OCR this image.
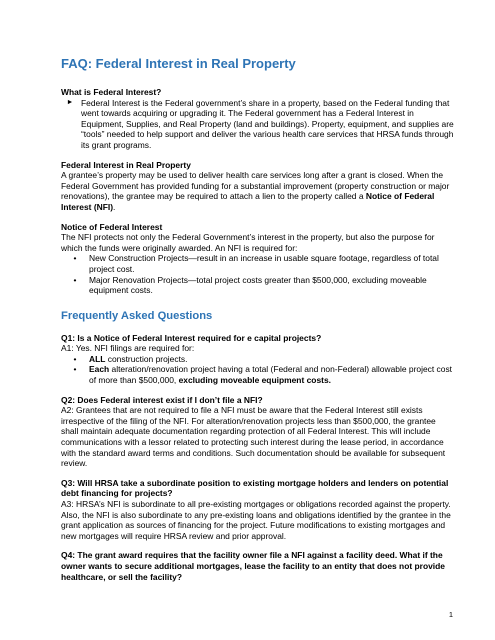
FAQ: Federal Interest in Real Property

What is Federal Interest?

► Federal Interest is the Federal government’s share in a property, based on the Federal funding that went towards acquiring or upgrading it. The Federal government has a Federal Interest in Equipment, Supplies, and Real Property (land and buildings). Property, equipment, and supplies are “tools” needed to help support and deliver the various health care services that HRSA funds through its grant programs.

Federal Interest in Real Property

A grantee’s property may be used to deliver health care services long after a grant is closed. When the Federal Government has provided funding for a substantial improvement (property construction or major renovations), the grantee may be required to attach a lien to the property called a Notice of Federal Interest (NFI).

Notice of Federal Interest

The NFI protects not only the Federal Government’s interest in the property, but also the purpose for which the funds were originally awarded. An NFI is required for:

•	New Construction Projects—result in an increase in usable square footage, regardless of total project cost.
•	Major Renovation Projects—total project costs greater than $500,000, excluding moveable equipment costs.
Frequently Asked Questions

Q1: Is a Notice of Federal Interest required for e capital projects?

A1: Yes. NFI filings are required for:

•	ALL construction projects.
•	Each alteration/renovation project having a total (Federal and non-Federal) allowable project cost of more than $500,000, excluding moveable equipment costs.

Q2: Does Federal interest exist if I don’t file a NFI?

A2: Grantees that are not required to file a NFI must be aware that the Federal Interest still exists irrespective of the filing of the NFI. For alteration/renovation projects less than $500,000, the grantee shall maintain adequate documentation regarding protection of all Federal Interest. This will include communications with a lessor related to protecting such interest during the lease period, in accordance with the standard award terms and conditions. Such documentation should be available for subsequent review.

Q3: Will HRSA take a subordinate position to existing mortgage holders and lenders on potential debt financing for projects?

A3: HRSA’s NFI is subordinate to all pre-existing mortgages or obligations recorded against the property. Also, the NFI is also subordinate to any pre-existing loans and obligations identified by the grantee in the grant application as sources of financing for the project. Future modifications to existing mortgages and new mortgages will require HRSA review and prior approval.

Q4: The grant award requires that the facility owner file a NFI against a facility deed. What if the owner wants to secure additional mortgages, lease the facility to an entity that does not provide healthcare, or sell the facility?

1
